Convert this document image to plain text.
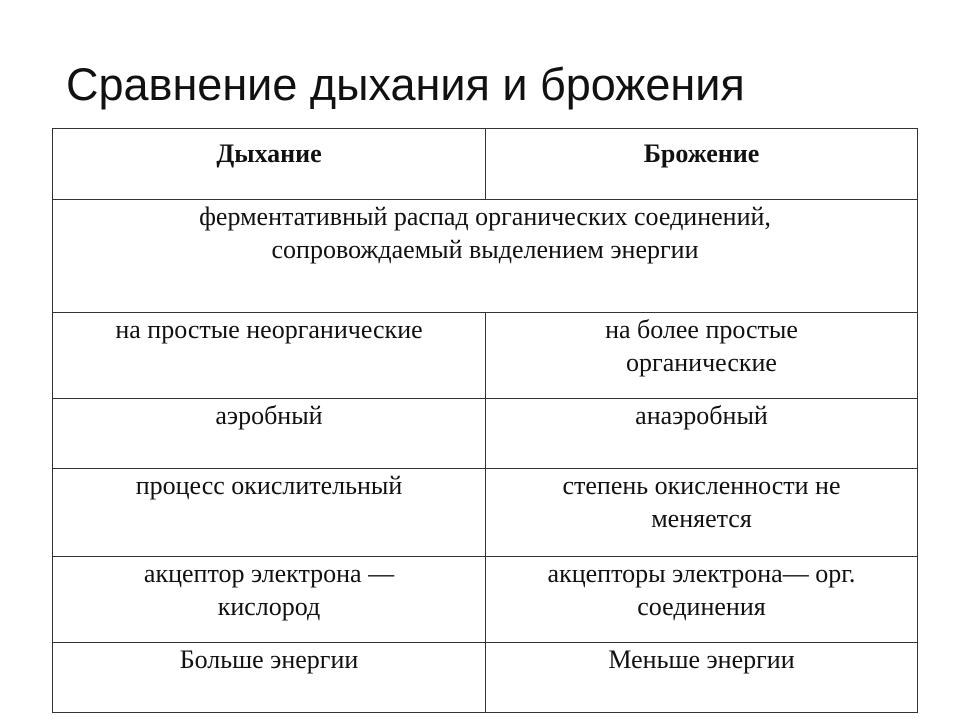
Сравнение дыхания и брожения
Дыхание	Брожение

ферментативный распад органических соединений,
сопровождаемый выделением энергии	

на простые неорганические	на более простые
органические

аэробный	анаэробный

процесс окислительный	степень окисленности не
меняется

акцептор электрона —
кислород	акцепторы электрона— орг.
соединения

Больше энергии	Меньше энергии
